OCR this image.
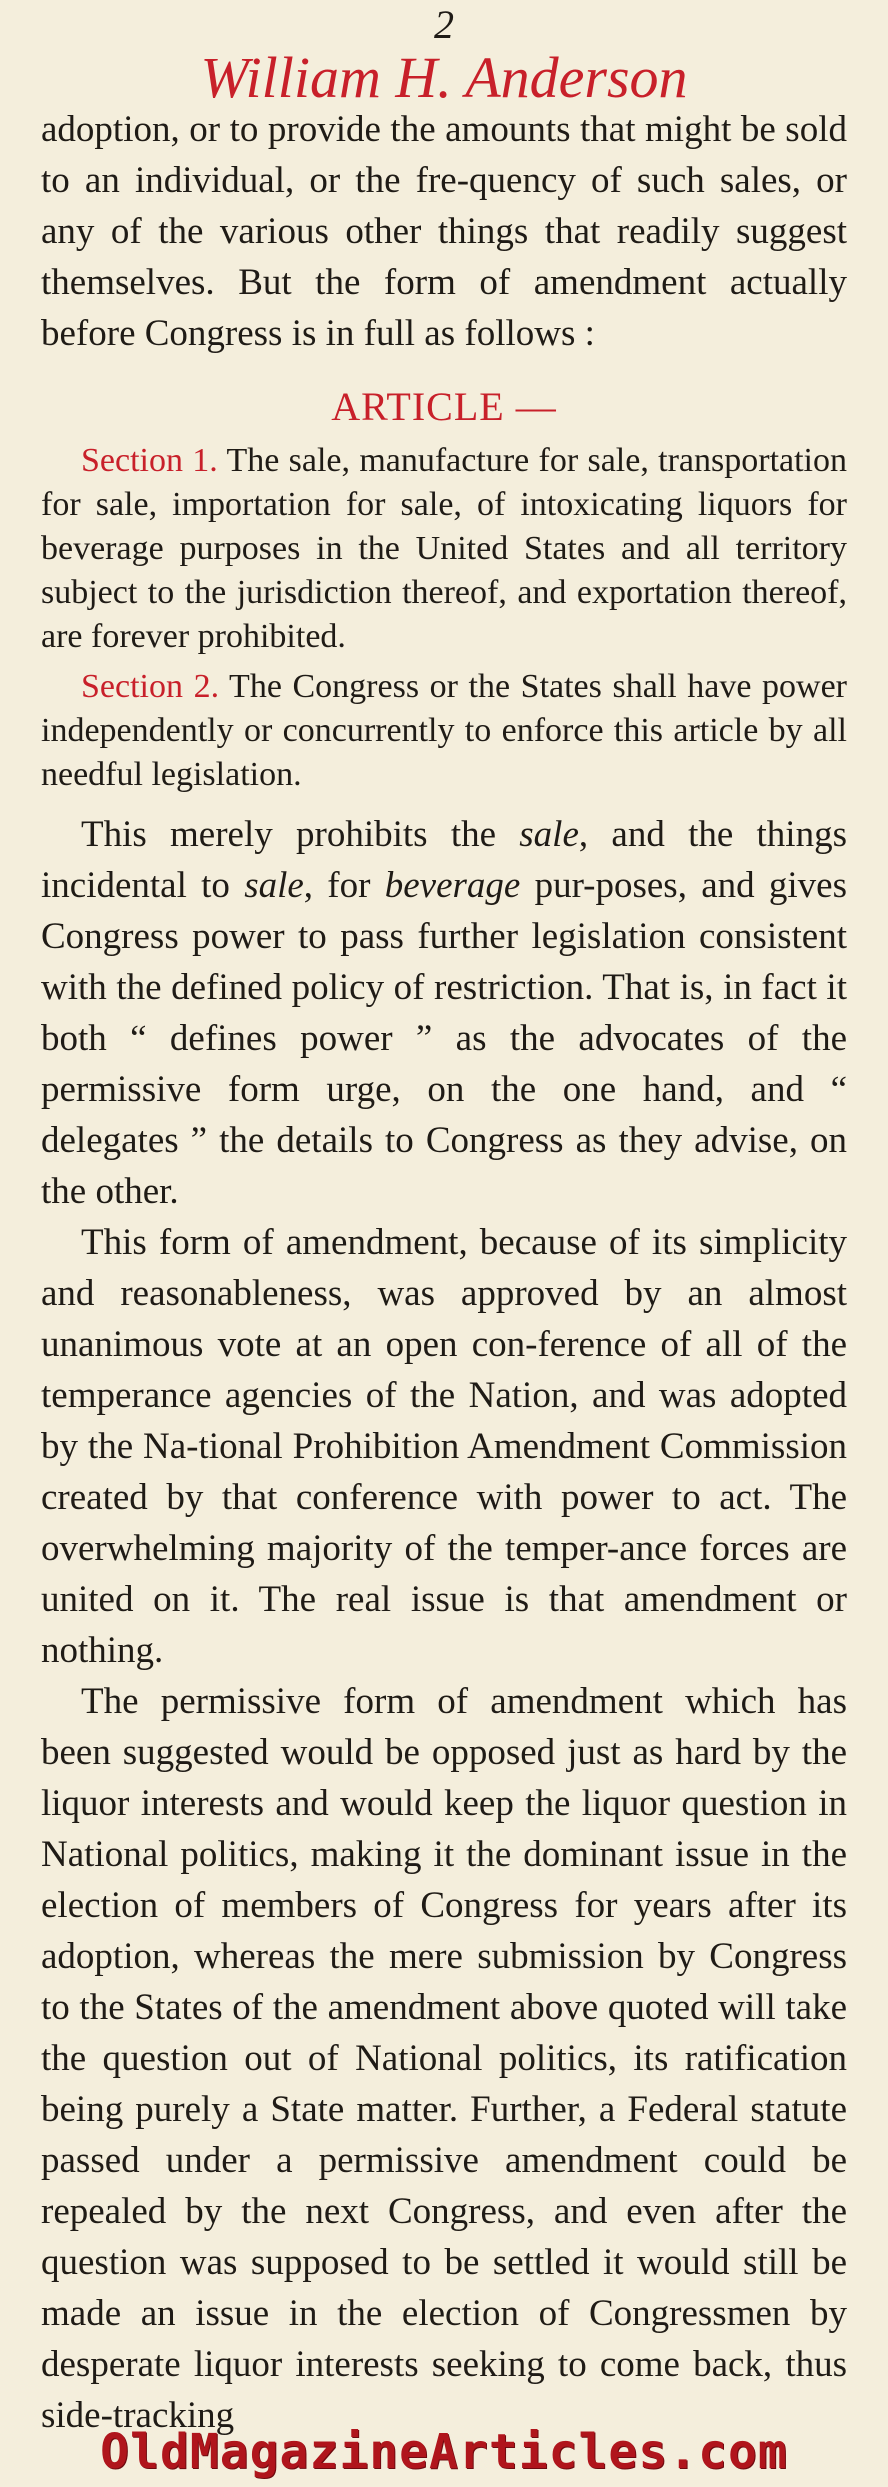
2
William H. Anderson

adoption, or to provide the amounts that might be sold to an individual, or the fre-quency of such sales, or any of the various other things that readily suggest themselves. But the form of amendment actually before Congress is in full as follows :

ARTICLE —

Section 1. The sale, manufacture for sale, transportation for sale, importation for sale, of intoxicating liquors for beverage purposes in the United States and all territory subject to the jurisdiction thereof, and exportation thereof, are forever prohibited.

Section 2. The Congress or the States shall have power independently or concurrently to enforce this article by all needful legislation.

This merely prohibits the sale, and the things incidental to sale, for beverage pur-poses, and gives Congress power to pass further legislation consistent with the defined policy of restriction. That is, in fact it both “ defines power ” as the advocates of the permissive form urge, on the one hand, and “ delegates ” the details to Congress as they advise, on the other.

This form of amendment, because of its simplicity and reasonableness, was approved by an almost unanimous vote at an open con-ference of all of the temperance agencies of the Nation, and was adopted by the Na-tional Prohibition Amendment Commission created by that conference with power to act. The overwhelming majority of the temper-ance forces are united on it. The real issue is that amendment or nothing.

The permissive form of amendment which has been suggested would be opposed just as hard by the liquor interests and would keep the liquor question in National politics, making it the dominant issue in the election of members of Congress for years after its adoption, whereas the mere submission by Congress to the States of the amendment above quoted will take the question out of National politics, its ratification being purely a State matter. Further, a Federal statute passed under a permissive amendment could be repealed by the next Congress, and even after the question was supposed to be settled it would still be made an issue in the election of Congressmen by desperate liquor interests seeking to come back, thus side-tracking

OldMagazineArticles.com
